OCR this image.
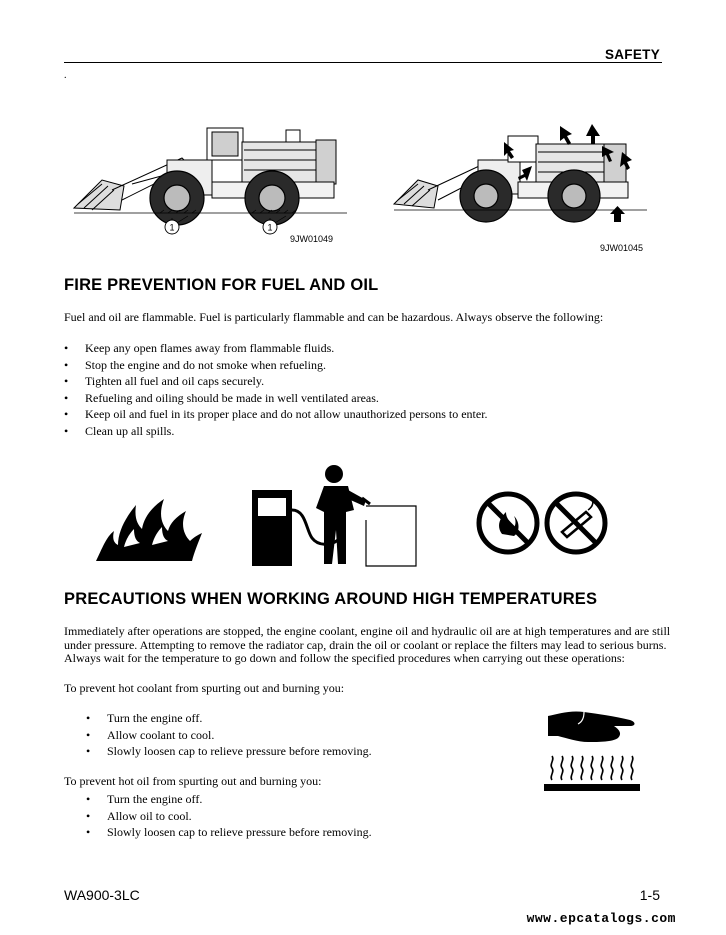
SAFETY
.
1	1
9JW01049
9JW01045
FIRE PREVENTION FOR FUEL AND OIL
Fuel and oil are flammable. Fuel is particularly flammable and can be hazardous. Always observe the following:
• Keep any open flames away from flammable fluids.
• Stop the engine and do not smoke when refueling.
• Tighten all fuel and oil caps securely.
• Refueling and oiling should be made in well ventilated areas.
• Keep oil and fuel in its proper place and do not allow unauthorized persons to enter.
• Clean up all spills.
PRECAUTIONS WHEN WORKING AROUND HIGH TEMPERATURES
Immediately after operations are stopped, the engine coolant, engine oil and hydraulic oil are at high temperatures and are still
under pressure. Attempting to remove the radiator cap, drain the oil or coolant or replace the filters may lead to serious burns.
Always wait for the temperature to go down and follow the specified procedures when carrying out these operations:
To prevent hot coolant from spurting out and burning you:
• Turn the engine off.
• Allow coolant to cool.
• Slowly loosen cap to relieve pressure before removing.
To prevent hot oil from spurting out and burning you:
• Turn the engine off.
• Allow oil to cool.
• Slowly loosen cap to relieve pressure before removing.
WA900-3LC	1-5
www.epcatalogs.com
